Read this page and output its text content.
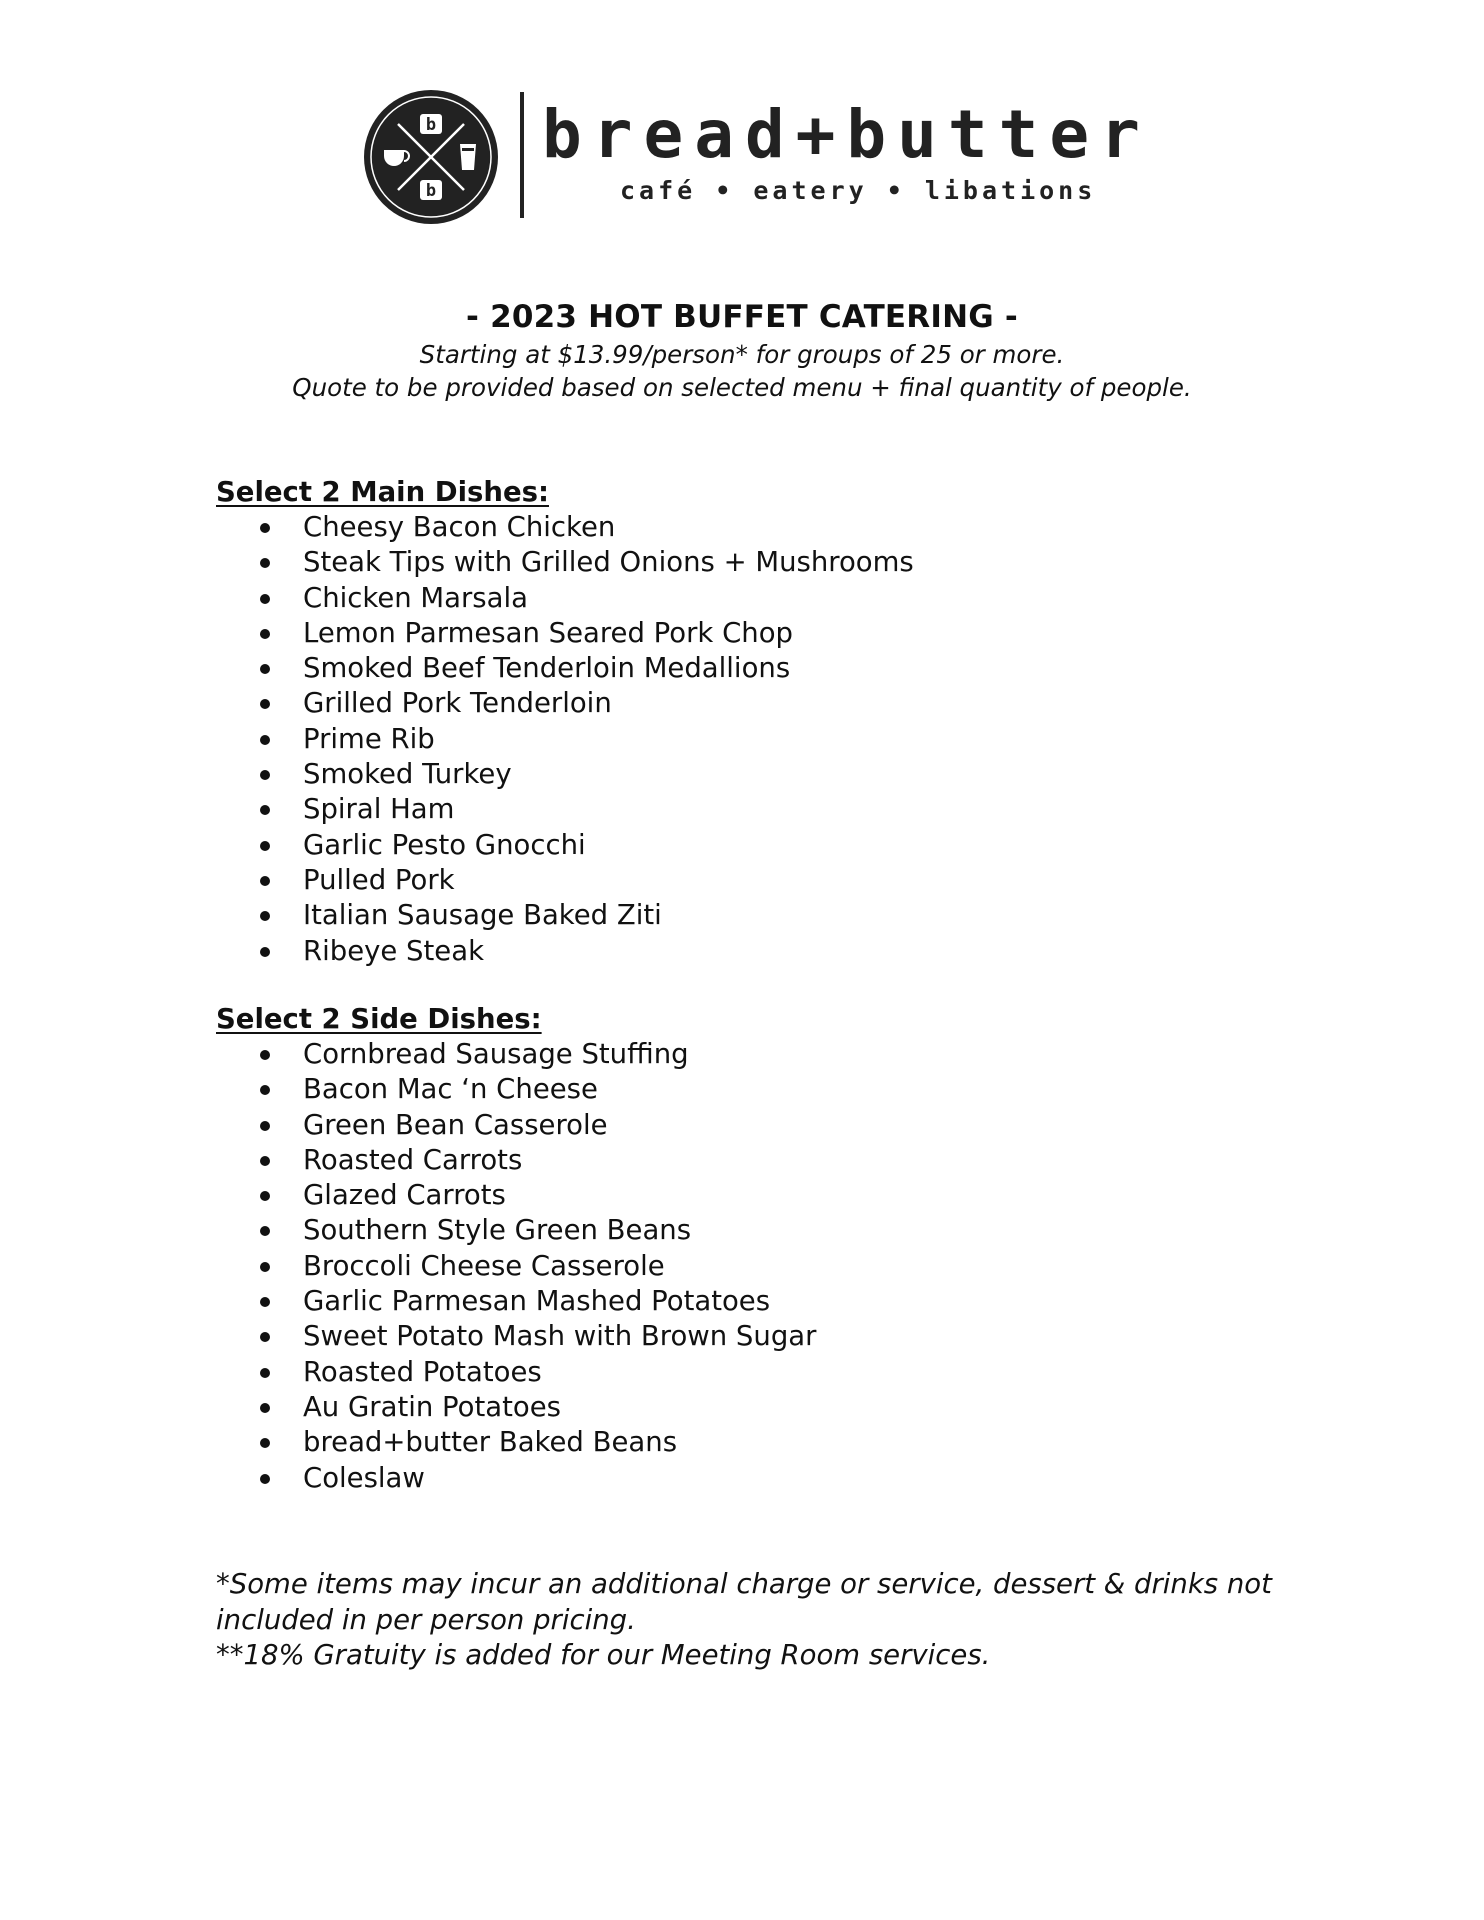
b
b
bread+butter
café • eatery • libations
- 2023 HOT BUFFET CATERING -

Starting at $13.99/person* for groups of 25 or more.

Quote to be provided based on selected menu + final quantity of people.

Select 2 Main Dishes:
Cheesy Bacon Chicken
Steak Tips with Grilled Onions + Mushrooms
Chicken Marsala
Lemon Parmesan Seared Pork Chop
Smoked Beef Tenderloin Medallions
Grilled Pork Tenderloin
Prime Rib
Smoked Turkey
Spiral Ham
Garlic Pesto Gnocchi
Pulled Pork
Italian Sausage Baked Ziti
Ribeye Steak
Select 2 Side Dishes:
Cornbread Sausage Stuffing
Bacon Mac ‘n Cheese
Green Bean Casserole
Roasted Carrots
Glazed Carrots
Southern Style Green Beans
Broccoli Cheese Casserole
Garlic Parmesan Mashed Potatoes
Sweet Potato Mash with Brown Sugar
Roasted Potatoes
Au Gratin Potatoes
bread+butter Baked Beans
Coleslaw

*Some items may incur an additional charge or service, dessert & drinks not included in per person pricing.

**18% Gratuity is added for our Meeting Room services.
